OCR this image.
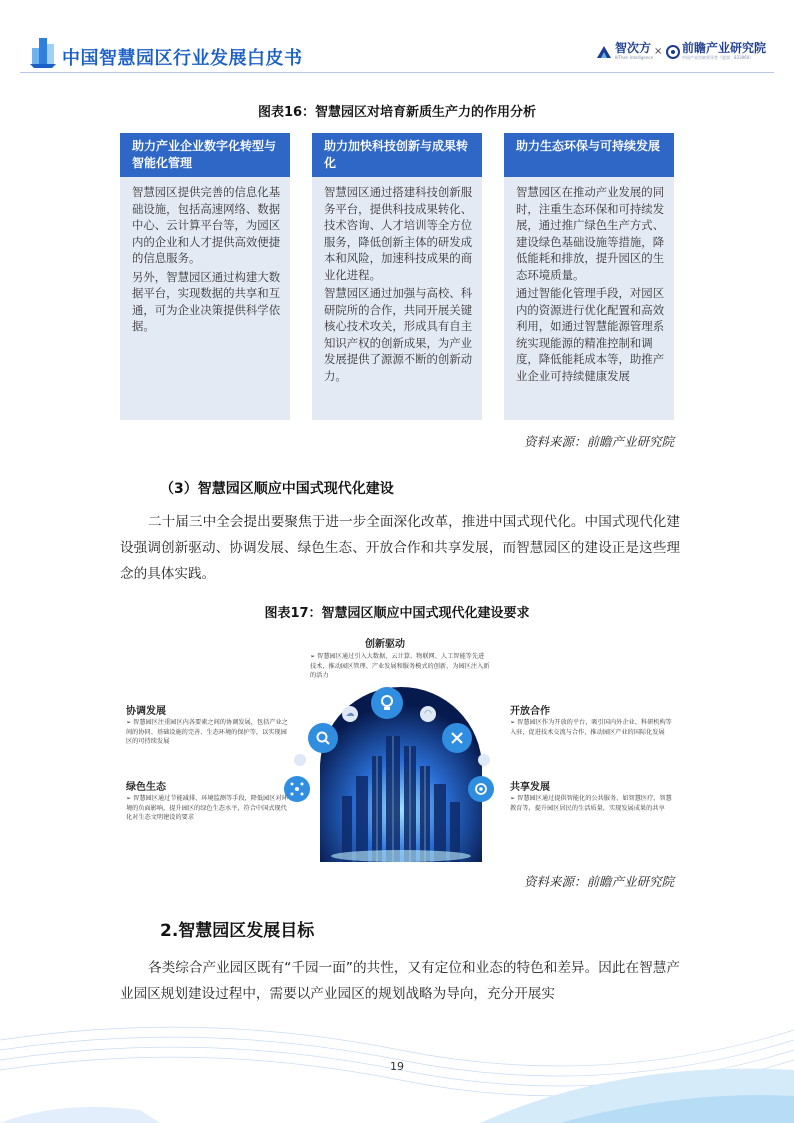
中国智慧园区行业发展白皮书	智次方
IIIThen Intelligence
× 前瞻产业研究院
中国产业咨询领导者（股票：833960）
图表16：智慧园区对培育新质生产力的作用分析
助力产业企业数字化转型与智能化管理

智慧园区提供完善的信息化基础设施，包括高速网络、数据中心、云计算平台等，为园区内的企业和人才提供高效便捷的信息服务。

另外，智慧园区通过构建大数据平台，实现数据的共享和互通，可为企业决策提供科学依据。

助力加快科技创新与成果转化

智慧园区通过搭建科技创新服务平台，提供科技成果转化、技术咨询、人才培训等全方位服务，降低创新主体的研发成本和风险，加速科技成果的商业化进程。

智慧园区通过加强与高校、科研院所的合作，共同开展关键核心技术攻关，形成具有自主知识产权的创新成果，为产业发展提供了源源不断的创新动力。

助力生态环保与可持续发展

智慧园区在推动产业发展的同时，注重生态环保和可持续发展，通过推广绿色生产方式、建设绿色基础设施等措施，降低能耗和排放，提升园区的生态环境质量。

通过智能化管理手段，对园区内的资源进行优化配置和高效利用，如通过智慧能源管理系统实现能源的精准控制和调度，降低能耗成本等，助推产业企业可持续健康发展

资料来源：前瞻产业研究院
（3）智慧园区顺应中国式现代化建设
二十届三中全会提出要聚焦于进一步全面深化改革，推进中国式现代化。中国式现代化建设强调创新驱动、协调发展、绿色生态、开放合作和共享发展，而智慧园区的建设正是这些理念的具体实践。
图表17：智慧园区顺应中国式现代化建设要求
☁	◠
创新驱动
➢ 智慧园区通过引入大数据、云计算、物联网、人工智能等先进技术，推动园区管理、产业发展和服务模式的创新，为园区注入新的活力
协调发展
➢ 智慧园区注重园区内各要素之间的协调发展，包括产业之间的协同、基础设施的完善、生态环境的保护等，以实现园区的可持续发展
绿色生态
➢ 智慧园区通过节能减排、环境监测等手段，降低园区对环境的负面影响，提升园区的绿色生态水平，符合中国式现代化对生态文明建设的要求
开放合作
➢ 智慧园区作为开放的平台，吸引国内外企业、科研机构等入驻，促进技术交流与合作，推动园区产业的国际化发展
共享发展
➢ 智慧园区通过提供智能化的公共服务，如智慧医疗、智慧教育等，提升园区居民的生活质量，实现发展成果的共享
资料来源：前瞻产业研究院
2.智慧园区发展目标
各类综合产业园区既有“千园一面”的共性，又有定位和业态的特色和差异。因此在智慧产业园区规划建设过程中，需要以产业园区的规划战略为导向，充分开展实
19
